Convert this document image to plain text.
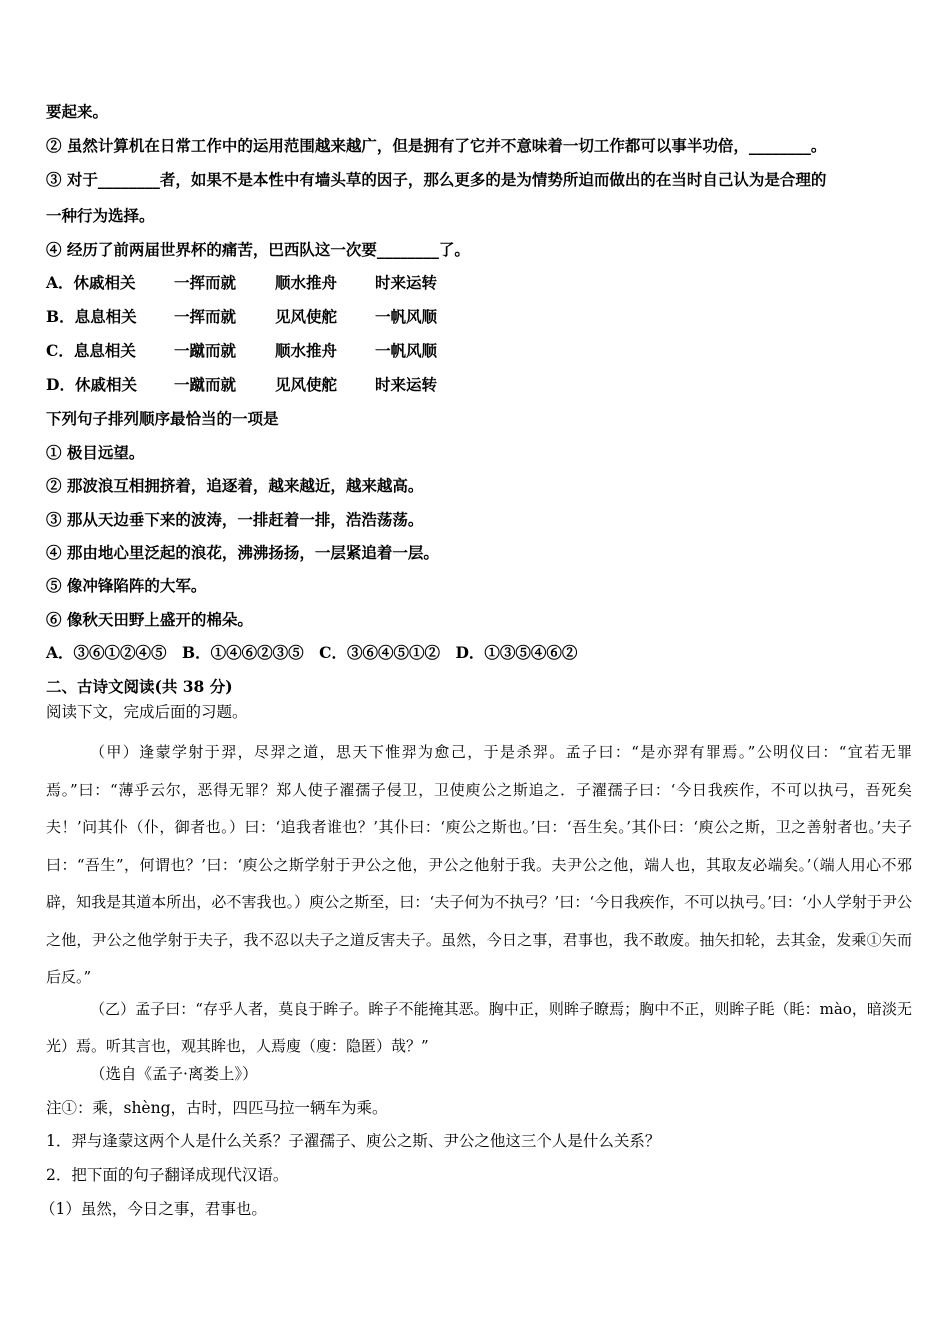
要起来。
② 虽然计算机在日常工作中的运用范围越来越广，但是拥有了它并不意味着一切工作都可以事半功倍，________。
③ 对于________者，如果不是本性中有墙头草的因子，那么更多的是为情势所迫而做出的在当时自己认为是合理的
一种行为选择。
④ 经历了前两届世界杯的痛苦，巴西队这一次要________了。
A．休戚相关 一挥而就	顺水推舟 时来运转
B．息息相关 一挥而就	见风使舵 一帆风顺
C．息息相关 一蹴而就	顺水推舟 一帆风顺
D．休戚相关 一蹴而就	见风使舵 时来运转
下列句子排列顺序最恰当的一项是
① 极目远望。
② 那波浪互相拥挤着，追逐着，越来越近，越来越高。
③ 那从天边垂下来的波涛，一排赶着一排，浩浩荡荡。
④ 那由地心里泛起的浪花，沸沸扬扬，一层紧追着一层。
⑤ 像冲锋陷阵的大军。
⑥ 像秋天田野上盛开的棉朵。
A．③⑥①②④⑤　B．①④⑥②③⑤　C．③⑥④⑤①②　D．①③⑤④⑥②
二、古诗文阅读(共 38 分)
阅读下文，完成后面的习题。
（甲）逢蒙学射于羿，尽羿之道，思天下惟羿为愈己，于是杀羿。孟子曰：“是亦羿有罪焉。”公明仪曰：“宜若无罪焉。”曰：“薄乎云尔，恶得无罪？郑人使子濯孺子侵卫，卫使庾公之斯追之．子濯孺子曰：‘今日我疾作，不可以执弓，吾死矣夫！’问其仆（仆，御者也。）曰：‘追我者谁也？’其仆曰：‘庾公之斯也。’曰：‘吾生矣。’其仆曰：‘庾公之斯，卫之善射者也。’夫子曰：“吾生”，何谓也？’曰：‘庾公之斯学射于尹公之他，尹公之他射于我。夫尹公之他，端人也，其取友必端矣。’（端人用心不邪辟，知我是其道本所出，必不害我也。）庾公之斯至，曰：‘夫子何为不执弓？’曰：‘今日我疾作，不可以执弓。’曰：‘小人学射于尹公之他，尹公之他学射于夫子，我不忍以夫子之道反害夫子。虽然，今日之事，君事也，我不敢废。抽矢扣轮，去其金，发乘①矢而后反。”
（乙）孟子曰：“存乎人者，莫良于眸子。眸子不能掩其恶。胸中正，则眸子瞭焉；胸中不正，则眸子眊（眊：mào，暗淡无光）焉。听其言也，观其眸也，人焉廋（廋：隐匿）哉？”
（选自《孟子·离娄上》）
注①：乘，shèng，古时，四匹马拉一辆车为乘。
1．羿与逢蒙这两个人是什么关系？子濯孺子、庾公之斯、尹公之他这三个人是什么关系？
2．把下面的句子翻译成现代汉语。
（1）虽然，今日之事，君事也。
